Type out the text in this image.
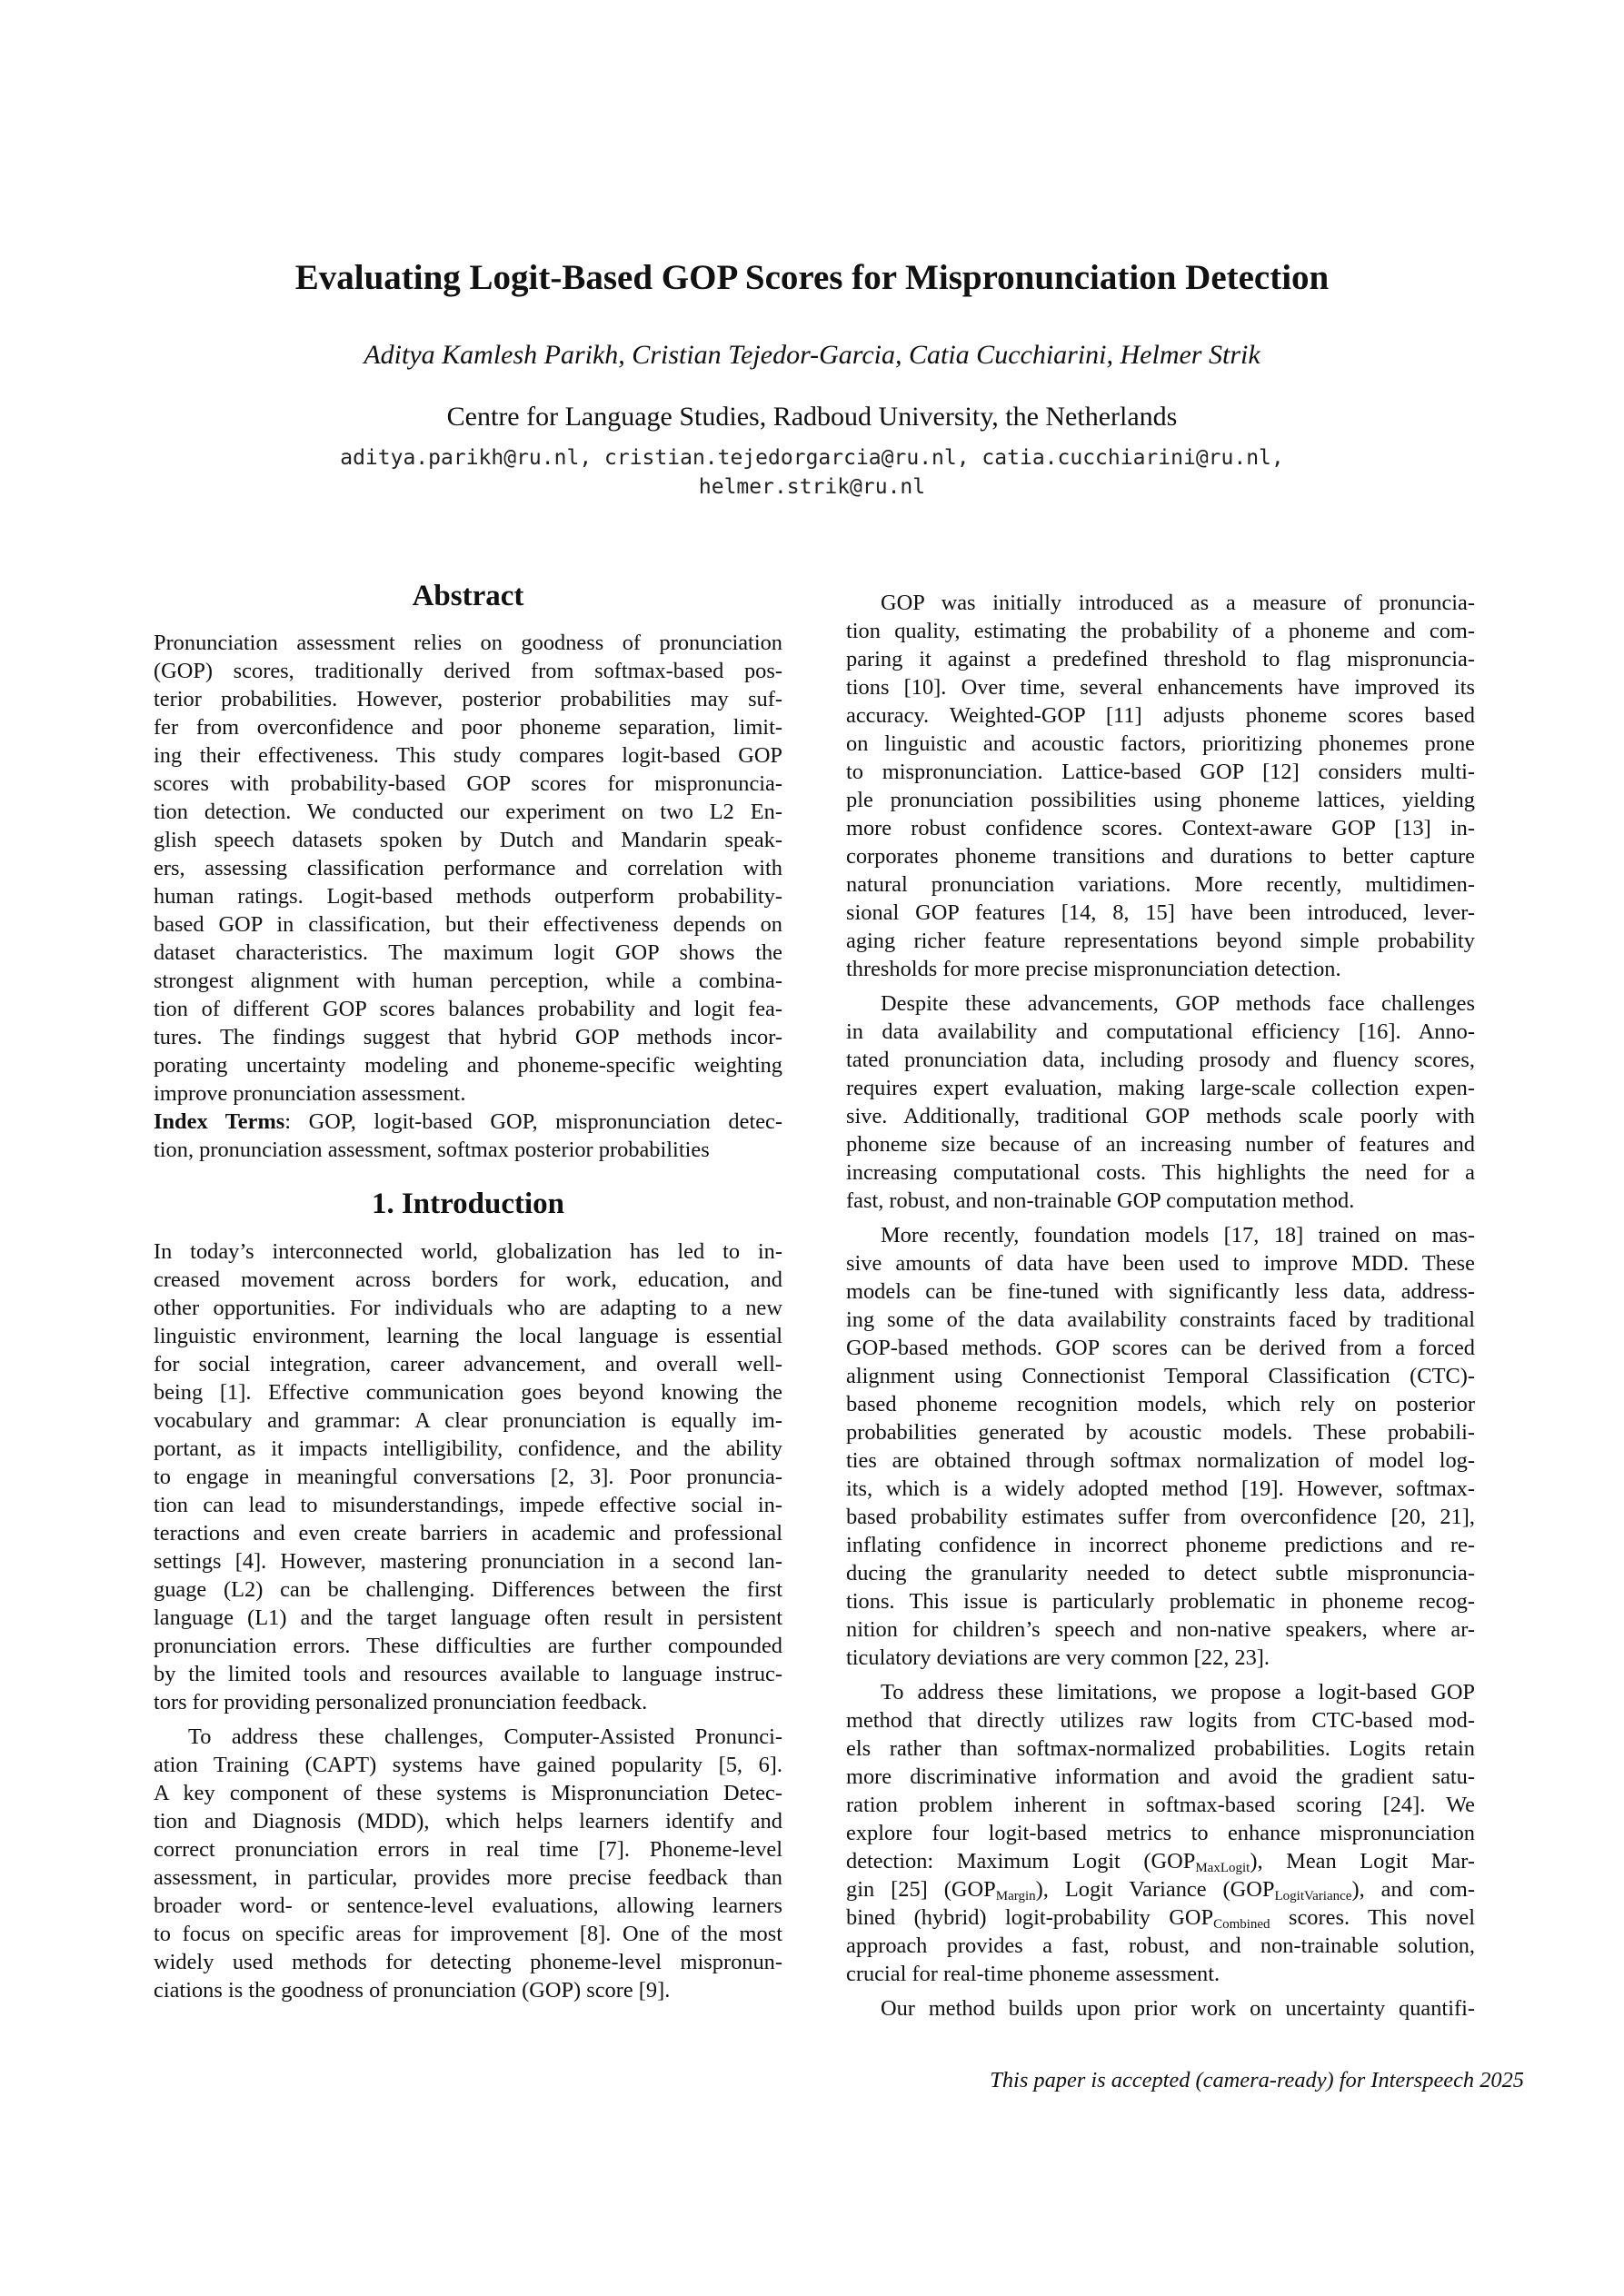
Evaluating Logit-Based GOP Scores for Mispronunciation Detection
Aditya Kamlesh Parikh, Cristian Tejedor-Garcia, Catia Cucchiarini, Helmer Strik
Centre for Language Studies, Radboud University, the Netherlands
aditya.parikh@ru.nl, cristian.tejedorgarcia@ru.nl, catia.cucchiarini@ru.nl,
helmer.strik@ru.nl
Abstract
Pronunciation assessment relies on goodness of pronunciation
(GOP) scores, traditionally derived from softmax-based pos-
terior probabilities. However, posterior probabilities may suf-
fer from overconfidence and poor phoneme separation, limit-
ing their effectiveness. This study compares logit-based GOP
scores with probability-based GOP scores for mispronuncia-
tion detection. We conducted our experiment on two L2 En-
glish speech datasets spoken by Dutch and Mandarin speak-
ers, assessing classification performance and correlation with
human ratings. Logit-based methods outperform probability-
based GOP in classification, but their effectiveness depends on
dataset characteristics. The maximum logit GOP shows the
strongest alignment with human perception, while a combina-
tion of different GOP scores balances probability and logit fea-
tures. The findings suggest that hybrid GOP methods incor-
porating uncertainty modeling and phoneme-specific weighting
improve pronunciation assessment.
Index Terms: GOP, logit-based GOP, mispronunciation detec-
tion, pronunciation assessment, softmax posterior probabilities
1. Introduction
In today’s interconnected world, globalization has led to in-
creased movement across borders for work, education, and
other opportunities. For individuals who are adapting to a new
linguistic environment, learning the local language is essential
for social integration, career advancement, and overall well-
being [1]. Effective communication goes beyond knowing the
vocabulary and grammar: A clear pronunciation is equally im-
portant, as it impacts intelligibility, confidence, and the ability
to engage in meaningful conversations [2, 3]. Poor pronuncia-
tion can lead to misunderstandings, impede effective social in-
teractions and even create barriers in academic and professional
settings [4]. However, mastering pronunciation in a second lan-
guage (L2) can be challenging. Differences between the first
language (L1) and the target language often result in persistent
pronunciation errors. These difficulties are further compounded
by the limited tools and resources available to language instruc-
tors for providing personalized pronunciation feedback.
To address these challenges, Computer-Assisted Pronunci-
ation Training (CAPT) systems have gained popularity [5, 6].
A key component of these systems is Mispronunciation Detec-
tion and Diagnosis (MDD), which helps learners identify and
correct pronunciation errors in real time [7]. Phoneme-level
assessment, in particular, provides more precise feedback than
broader word- or sentence-level evaluations, allowing learners
to focus on specific areas for improvement [8]. One of the most
widely used methods for detecting phoneme-level mispronun-
ciations is the goodness of pronunciation (GOP) score [9].
GOP was initially introduced as a measure of pronuncia-
tion quality, estimating the probability of a phoneme and com-
paring it against a predefined threshold to flag mispronuncia-
tions [10]. Over time, several enhancements have improved its
accuracy. Weighted-GOP [11] adjusts phoneme scores based
on linguistic and acoustic factors, prioritizing phonemes prone
to mispronunciation. Lattice-based GOP [12] considers multi-
ple pronunciation possibilities using phoneme lattices, yielding
more robust confidence scores. Context-aware GOP [13] in-
corporates phoneme transitions and durations to better capture
natural pronunciation variations. More recently, multidimen-
sional GOP features [14, 8, 15] have been introduced, lever-
aging richer feature representations beyond simple probability
thresholds for more precise mispronunciation detection.
Despite these advancements, GOP methods face challenges
in data availability and computational efficiency [16]. Anno-
tated pronunciation data, including prosody and fluency scores,
requires expert evaluation, making large-scale collection expen-
sive. Additionally, traditional GOP methods scale poorly with
phoneme size because of an increasing number of features and
increasing computational costs. This highlights the need for a
fast, robust, and non-trainable GOP computation method.
More recently, foundation models [17, 18] trained on mas-
sive amounts of data have been used to improve MDD. These
models can be fine-tuned with significantly less data, address-
ing some of the data availability constraints faced by traditional
GOP-based methods. GOP scores can be derived from a forced
alignment using Connectionist Temporal Classification (CTC)-
based phoneme recognition models, which rely on posterior
probabilities generated by acoustic models. These probabili-
ties are obtained through softmax normalization of model log-
its, which is a widely adopted method [19]. However, softmax-
based probability estimates suffer from overconfidence [20, 21],
inflating confidence in incorrect phoneme predictions and re-
ducing the granularity needed to detect subtle mispronuncia-
tions. This issue is particularly problematic in phoneme recog-
nition for children’s speech and non-native speakers, where ar-
ticulatory deviations are very common [22, 23].
To address these limitations, we propose a logit-based GOP
method that directly utilizes raw logits from CTC-based mod-
els rather than softmax-normalized probabilities. Logits retain
more discriminative information and avoid the gradient satu-
ration problem inherent in softmax-based scoring [24]. We
explore four logit-based metrics to enhance mispronunciation
detection: Maximum Logit $(GOP_{MaxLogit})$, Mean Logit Mar-
gin [25] $(GOP_{Margin})$, Logit Variance $(GOP_{LogitVariance})$, and com-
bined (hybrid) logit-probability $GOP_{Combined}$ scores. This novel
approach provides a fast, robust, and non-trainable solution,
crucial for real-time phoneme assessment.
Our method builds upon prior work on uncertainty quantifi-
This paper is accepted (camera-ready) for Interspeech 2025
